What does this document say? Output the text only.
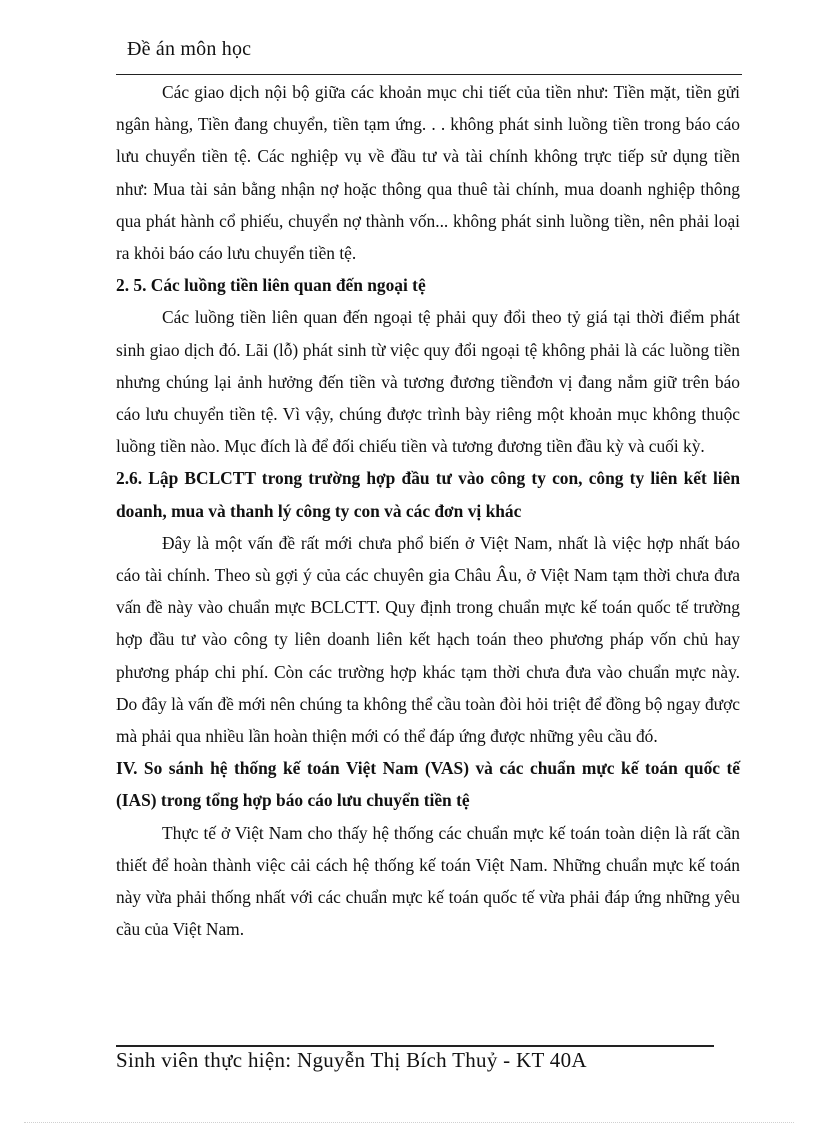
Đề án môn học

Các giao dịch nội bộ giữa các khoản mục chi tiết của tiền như: Tiền mặt, tiền gửi ngân hàng, Tiền đang chuyển, tiền tạm ứng. . . không phát sinh luồng tiền trong báo cáo lưu chuyển tiền tệ. Các nghiệp vụ về đầu tư và tài chính không trực tiếp sử dụng tiền như: Mua tài sản bằng nhận nợ hoặc thông qua thuê tài chính, mua doanh nghiệp thông qua phát hành cổ phiếu, chuyển nợ thành vốn... không phát sinh luồng tiền, nên phải loại ra khỏi báo cáo lưu chuyển tiền tệ.

2. 5. Các luồng tiền liên quan đến ngoại tệ

Các luồng tiền liên quan đến ngoại tệ phải quy đổi theo tỷ giá tại thời điểm phát sinh giao dịch đó. Lãi (lỗ) phát sinh từ việc quy đổi ngoại tệ không phải là các luồng tiền nhưng chúng lại ảnh hưởng đến tiền và tương đương tiềnđơn vị đang nắm giữ trên báo cáo lưu chuyển tiền tệ. Vì vậy, chúng được trình bày riêng một khoản mục không thuộc luồng tiền nào. Mục đích là để đối chiếu tiền và tương đương tiền đầu kỳ và cuối kỳ.

2.6. Lập BCLCTT trong trường hợp đầu tư vào công ty con, công ty liên kết liên doanh, mua và thanh lý công ty con và các đơn vị khác

Đây là một vấn đề rất mới chưa phổ biến ở Việt Nam, nhất là việc hợp nhất báo cáo tài chính. Theo sù gợi ý của các chuyên gia Châu Âu, ở Việt Nam tạm thời chưa đưa vấn đề này vào chuẩn mực BCLCTT. Quy định trong chuẩn mực kế toán quốc tế trường hợp đầu tư vào công ty liên doanh liên kết hạch toán theo phương pháp vốn chủ hay phương pháp chi phí. Còn các trường hợp khác tạm thời chưa đưa vào chuẩn mực này. Do đây là vấn đề mới nên chúng ta không thể cầu toàn đòi hỏi triệt để đồng bộ ngay được mà phải qua nhiều lần hoàn thiện mới có thể đáp ứng được những yêu cầu đó.

IV. So sánh hệ thống kế toán Việt Nam (VAS) và các chuẩn mực kế toán quốc tế (IAS) trong tổng hợp báo cáo lưu chuyển tiền tệ

Thực tế ở Việt Nam cho thấy hệ thống các chuẩn mực kế toán toàn diện là rất cần thiết để hoàn thành việc cải cách hệ thống kế toán Việt Nam. Những chuẩn mực kế toán này vừa phải thống nhất với các chuẩn mực kế toán quốc tế vừa phải đáp ứng những yêu cầu của Việt Nam.

Sinh viên thực hiện: Nguyễn Thị Bích Thuỷ - KT 40A
